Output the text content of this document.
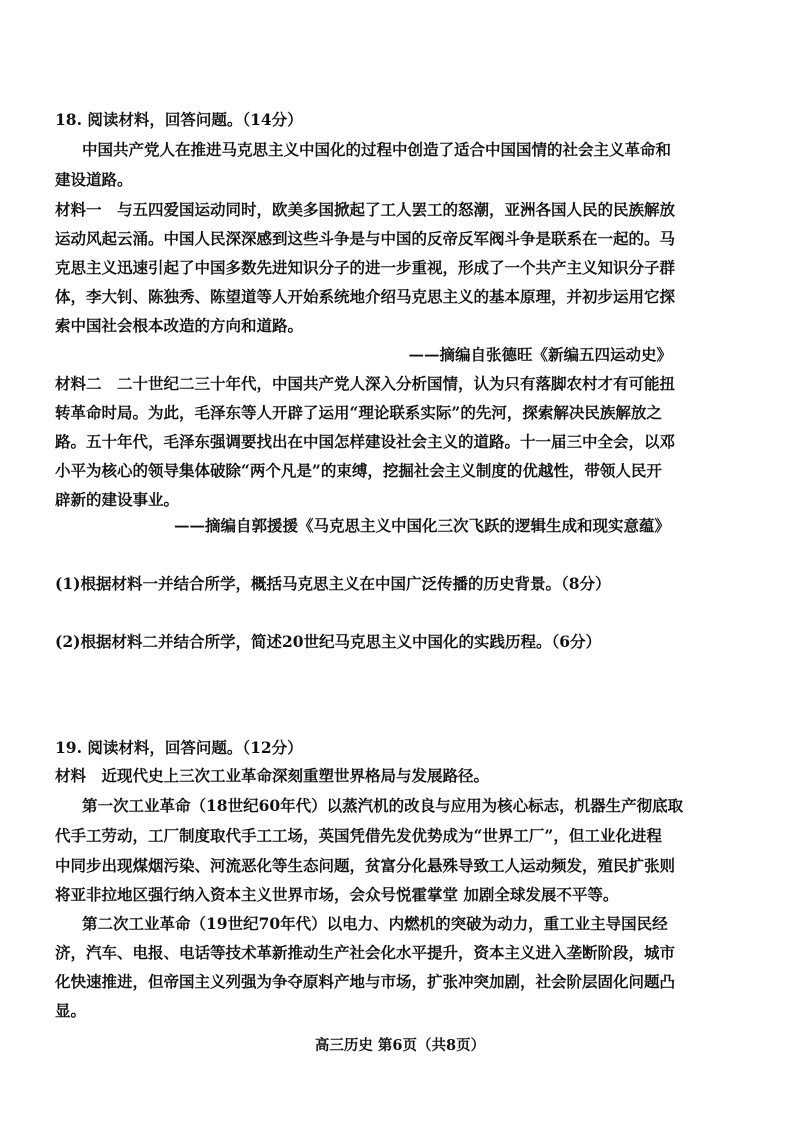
18. 阅读材料，回答问题。（14分）
中国共产党人在推进马克思主义中国化的过程中创造了适合中国国情的社会主义革命和
建设道路。
材料一　与五四爱国运动同时，欧美多国掀起了工人罢工的怒潮，亚洲各国人民的民族解放
运动风起云涌。中国人民深深感到这些斗争是与中国的反帝反军阀斗争是联系在一起的。马
克思主义迅速引起了中国多数先进知识分子的进一步重视，形成了一个共产主义知识分子群
体，李大钊、陈独秀、陈望道等人开始系统地介绍马克思主义的基本原理，并初步运用它探
索中国社会根本改造的方向和道路。
——摘编自张德旺《新编五四运动史》
材料二　二十世纪二三十年代，中国共产党人深入分析国情，认为只有落脚农村才有可能扭
转革命时局。为此，毛泽东等人开辟了运用“理论联系实际”的先河，探索解决民族解放之
路。五十年代，毛泽东强调要找出在中国怎样建设社会主义的道路。十一届三中全会，以邓
小平为核心的领导集体破除“两个凡是”的束缚，挖掘社会主义制度的优越性，带领人民开
辟新的建设事业。
——摘编自郭援援《马克思主义中国化三次飞跃的逻辑生成和现实意蕴》
(1)根据材料一并结合所学，概括马克思主义在中国广泛传播的历史背景。（8分）
(2)根据材料二并结合所学，简述20世纪马克思主义中国化的实践历程。（6分）
19. 阅读材料，回答问题。（12分）
材料　近现代史上三次工业革命深刻重塑世界格局与发展路径。
第一次工业革命（18世纪60年代）以蒸汽机的改良与应用为核心标志，机器生产彻底取
代手工劳动，工厂制度取代手工工场，英国凭借先发优势成为“世界工厂”，但工业化进程
中同步出现煤烟污染、河流恶化等生态问题，贫富分化悬殊导致工人运动频发，殖民扩张则
将亚非拉地区强行纳入资本主义世界市场，会众号悦霍掌堂 加剧全球发展不平等。
第二次工业革命（19世纪70年代）以电力、内燃机的突破为动力，重工业主导国民经
济，汽车、电报、电话等技术革新推动生产社会化水平提升，资本主义进入垄断阶段，城市
化快速推进，但帝国主义列强为争夺原料产地与市场，扩张冲突加剧，社会阶层固化问题凸
显。
高三历史 第6页（共8页）
